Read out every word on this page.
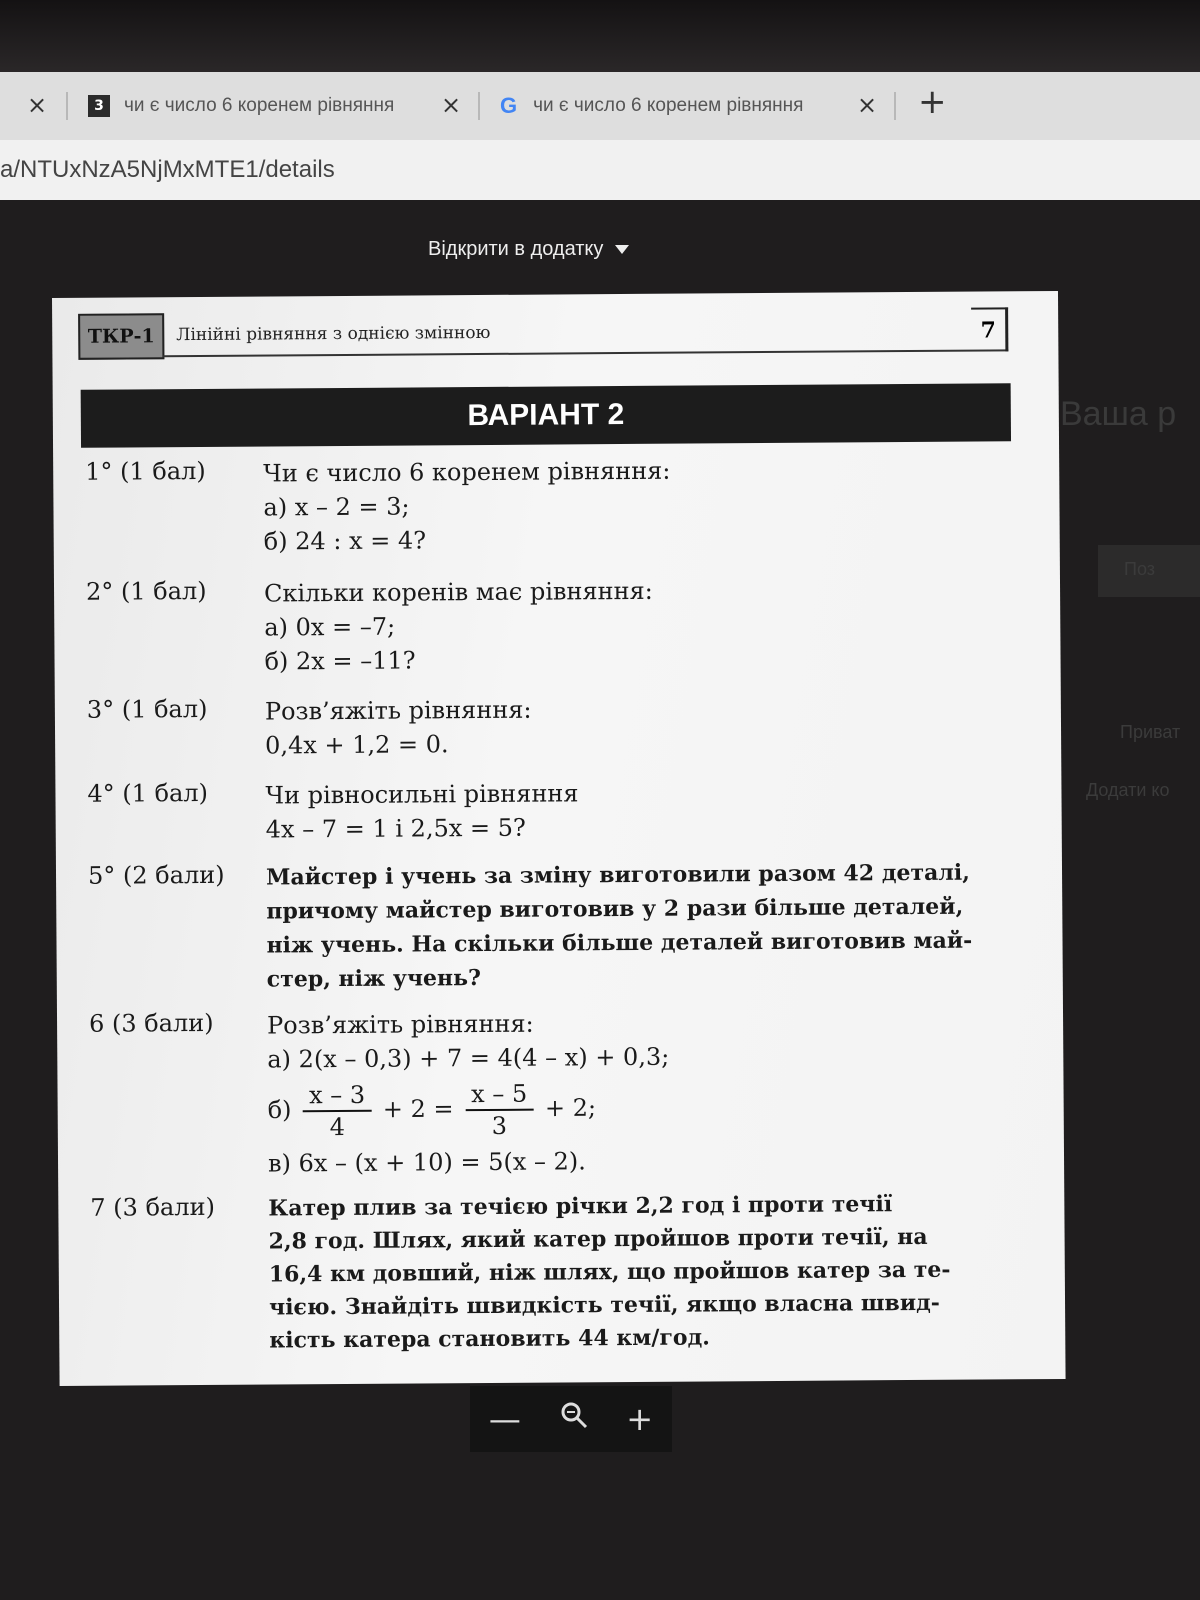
×	3	чи є число 6 коренем рівняння	× G чи є число 6 коренем рівняння	× +
a/NTUxNzA5NjMxMTE1/details
Ваша р
Поз
Приват
Додати ко
Відкрити в додатку
ТКР-1	Лінійні рівняння з однією змінною	7
ВАРІАНТ 2
1° (1 бал) Чи є число 6 коренем рівняння:
а) x – 2 = 3;
б) 24 : x = 4?
2° (1 бал) Скільки коренів має рівняння:
а) 0x = –7;
б) 2x = –11?
3° (1 бал) Розв’яжіть рівняння:
0,4x + 1,2 = 0.
4° (1 бал) Чи рівносильні рівняння
4x – 7 = 1 і 2,5x = 5?
5° (2 бали) Майстер і учень за зміну виготовили разом 42 деталі,
причому майстер виготовив у 2 рази більше деталей,
ніж учень. На скільки більше деталей виготовив май-
стер, ніж учень?
6 (3 бали) Розв’яжіть рівняння:
а) 2(x – 0,3) + 7 = 4(4 – x) + 0,3;
$б) \frac{x - 3}{4} + 2 = \frac{x - 5}{3} + 2$;
в) 6x – (x + 10) = 5(x – 2).
7 (3 бали) Катер плив за течією річки 2,2 год і проти течії
2,8 год. Шлях, який катер пройшов проти течії, на
16,4 км довший, ніж шлях, що пройшов катер за те-
чією. Знайдіть швидкість течії, якщо власна швид-
кість катера становить 44 км/год.
—	+
